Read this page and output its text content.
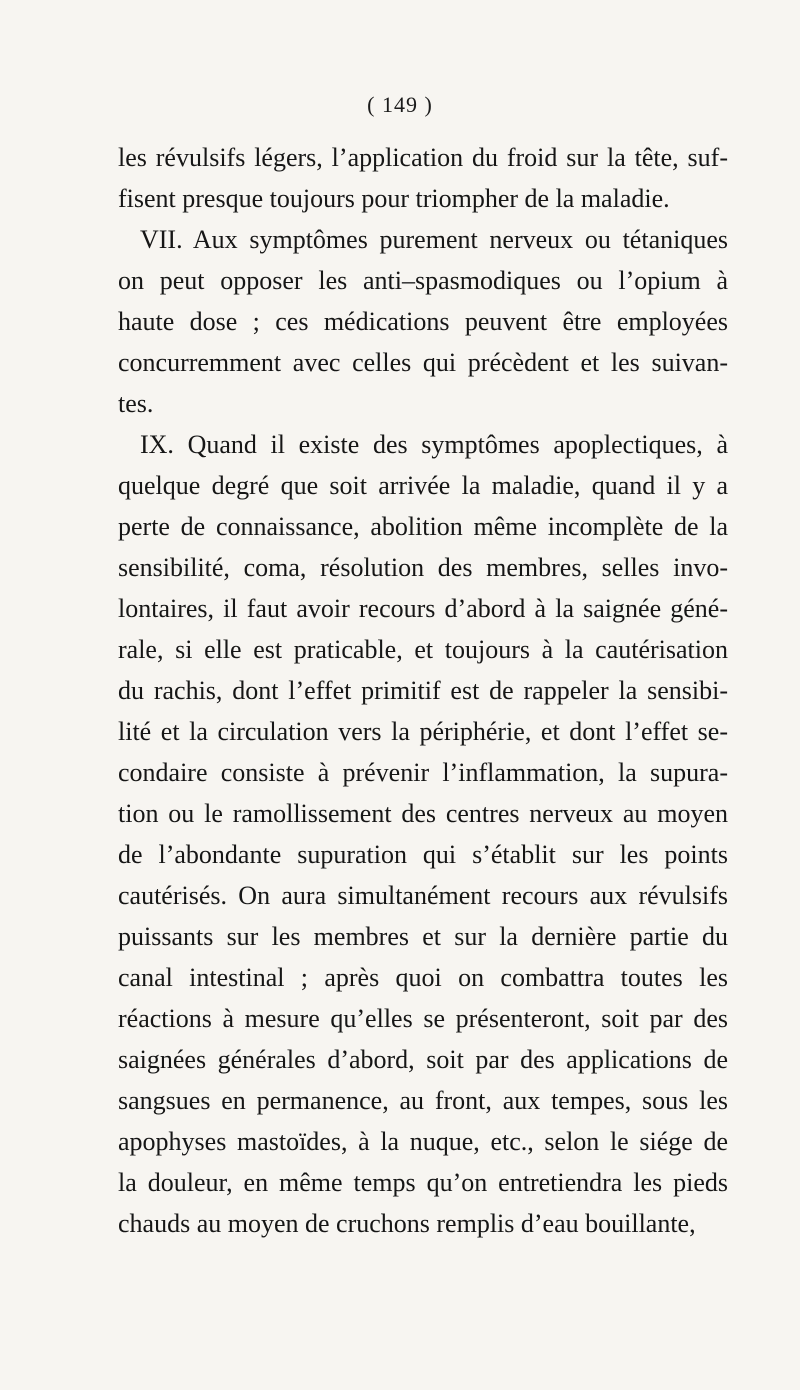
( 149 )
les révulsifs légers, l’application du froid sur la tête, suf-
fisent presque toujours pour triompher de la maladie.
VII. Aux symptômes purement nerveux ou tétaniques
on peut opposer les anti–spasmodiques ou l’opium à
haute dose ; ces médications peuvent être employées
concurremment avec celles qui précèdent et les suivan-
tes.
IX. Quand il existe des symptômes apoplectiques, à
quelque degré que soit arrivée la maladie, quand il y a
perte de connaissance, abolition même incomplète de la
sensibilité, coma, résolution des membres, selles invo-
lontaires, il faut avoir recours d’abord à la saignée géné-
rale, si elle est praticable, et toujours à la cautérisation
du rachis, dont l’effet primitif est de rappeler la sensibi-
lité et la circulation vers la périphérie, et dont l’effet se-
condaire consiste à prévenir l’inflammation, la supura-
tion ou le ramollissement des centres nerveux au moyen
de l’abondante supuration qui s’établit sur les points
cautérisés. On aura simultanément recours aux révulsifs
puissants sur les membres et sur la dernière partie du
canal intestinal ; après quoi on combattra toutes les
réactions à mesure qu’elles se présenteront, soit par des
saignées générales d’abord, soit par des applications de
sangsues en permanence, au front, aux tempes, sous les
apophyses mastoïdes, à la nuque, etc., selon le siége de
la douleur, en même temps qu’on entretiendra les pieds
chauds au moyen de cruchons remplis d’eau bouillante,
